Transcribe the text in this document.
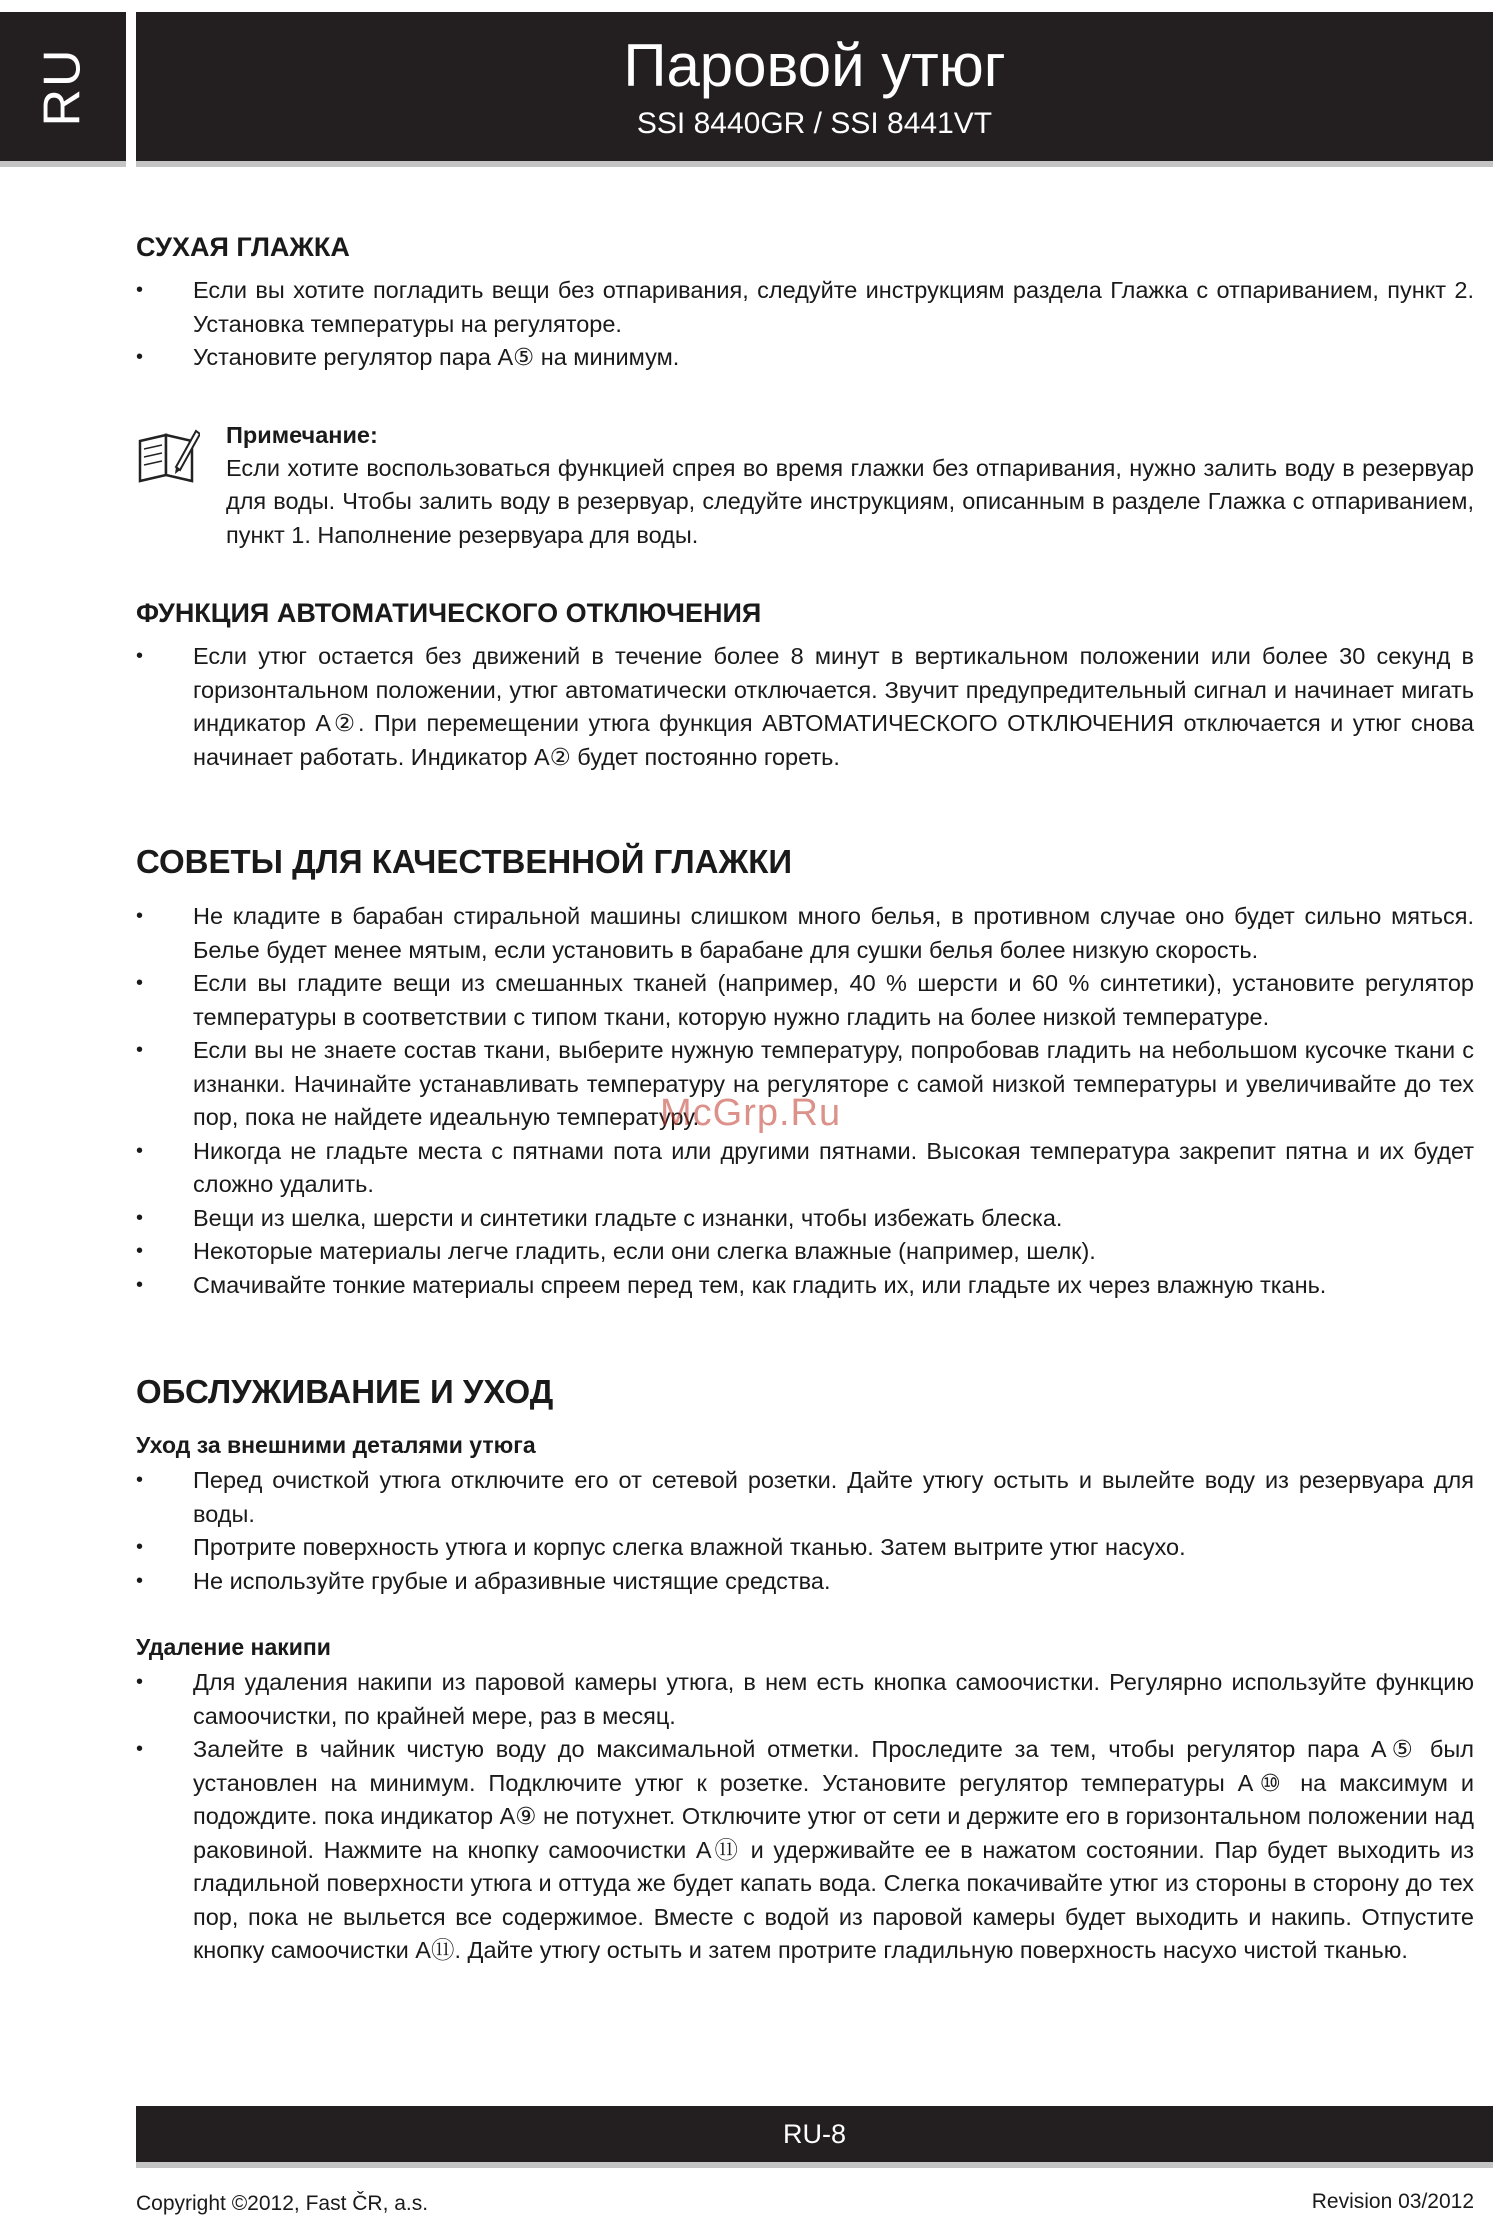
RU	Паровой утюг
SSI 8440GR / SSI 8441VT
СУХАЯ ГЛАЖКА
• Если вы хотите погладить вещи без отпаривания, следуйте инструкциям раздела Глажка с отпариванием, пункт 2. Установка температуры на регуляторе.
• Установите регулятор пара А⑤ на минимум.
Примечание:
Если хотите воспользоваться функцией спрея во время глажки без отпаривания, нужно залить воду в резервуар для воды. Чтобы залить воду в резервуар, следуйте инструкциям, описанным в разделе Глажка с отпариванием, пункт 1. Наполнение резервуара для воды.
ФУНКЦИЯ АВТОМАТИЧЕСКОГО ОТКЛЮЧЕНИЯ
• Если утюг остается без движений в течение более 8 минут в вертикальном положении или более 30 секунд в горизонтальном положении, утюг автоматически отключается. Звучит предупредительный сигнал и начинает мигать индикатор А②. При перемещении утюга функция АВТОМАТИЧЕСКОГО ОТКЛЮЧЕНИЯ отключается и утюг снова начинает работать. Индикатор А② будет постоянно гореть.
СОВЕТЫ ДЛЯ КАЧЕСТВЕННОЙ ГЛАЖКИ
• Не кладите в барабан стиральной машины слишком много белья, в противном случае оно будет сильно мяться. Белье будет менее мятым, если установить в барабане для сушки белья более низкую скорость.
• Если вы гладите вещи из смешанных тканей (например, 40 % шерсти и 60 % синтетики), установите регулятор температуры в соответствии с типом ткани, которую нужно гладить на более низкой температуре.
• Если вы не знаете состав ткани, выберите нужную температуру, попробовав гладить на небольшом кусочке ткани с изнанки. Начинайте устанавливать температуру на регуляторе с самой низкой температуры и увеличивайте до тех пор, пока не найдете идеальную температуру.
• Никогда не гладьте места с пятнами пота или другими пятнами. Высокая температура закрепит пятна и их будет сложно удалить.
• Вещи из шелка, шерсти и синтетики гладьте с изнанки, чтобы избежать блеска.
• Некоторые материалы легче гладить, если они слегка влажные (например, шелк).
• Смачивайте тонкие материалы спреем перед тем, как гладить их, или гладьте их через влажную ткань.
ОБСЛУЖИВАНИЕ И УХОД
Уход за внешними деталями утюга
• Перед очисткой утюга отключите его от сетевой розетки. Дайте утюгу остыть и вылейте воду из резервуара для воды.
• Протрите поверхность утюга и корпус слегка влажной тканью. Затем вытрите утюг насухо.
• Не используйте грубые и абразивные чистящие средства.
Удаление накипи
• Для удаления накипи из паровой камеры утюга, в нем есть кнопка самоочистки. Регулярно используйте функцию самоочистки, по крайней мере, раз в месяц.
• Залейте в чайник чистую воду до максимальной отметки. Проследите за тем, чтобы регулятор пара А⑤ был установлен на минимум. Подключите утюг к розетке. Установите регулятор температуры А⑩ на максимум и подождите. пока индикатор А⑨ не потухнет. Отключите утюг от сети и держите его в горизонтальном положении над раковиной. Нажмите на кнопку самоочистки А⑪ и удерживайте ее в нажатом состоянии. Пар будет выходить из гладильной поверхности утюга и оттуда же будет капать вода. Слегка покачивайте утюг из стороны в сторону до тех пор, пока не выльется все содержимое. Вместе с водой из паровой камеры будет выходить и накипь. Отпустите кнопку самоочистки А⑪. Дайте утюгу остыть и затем протрите гладильную поверхность насухо чистой тканью.
McGrp.Ru
RU-8
Copyright ©2012, Fast ČR, a.s.	Revision 03/2012
